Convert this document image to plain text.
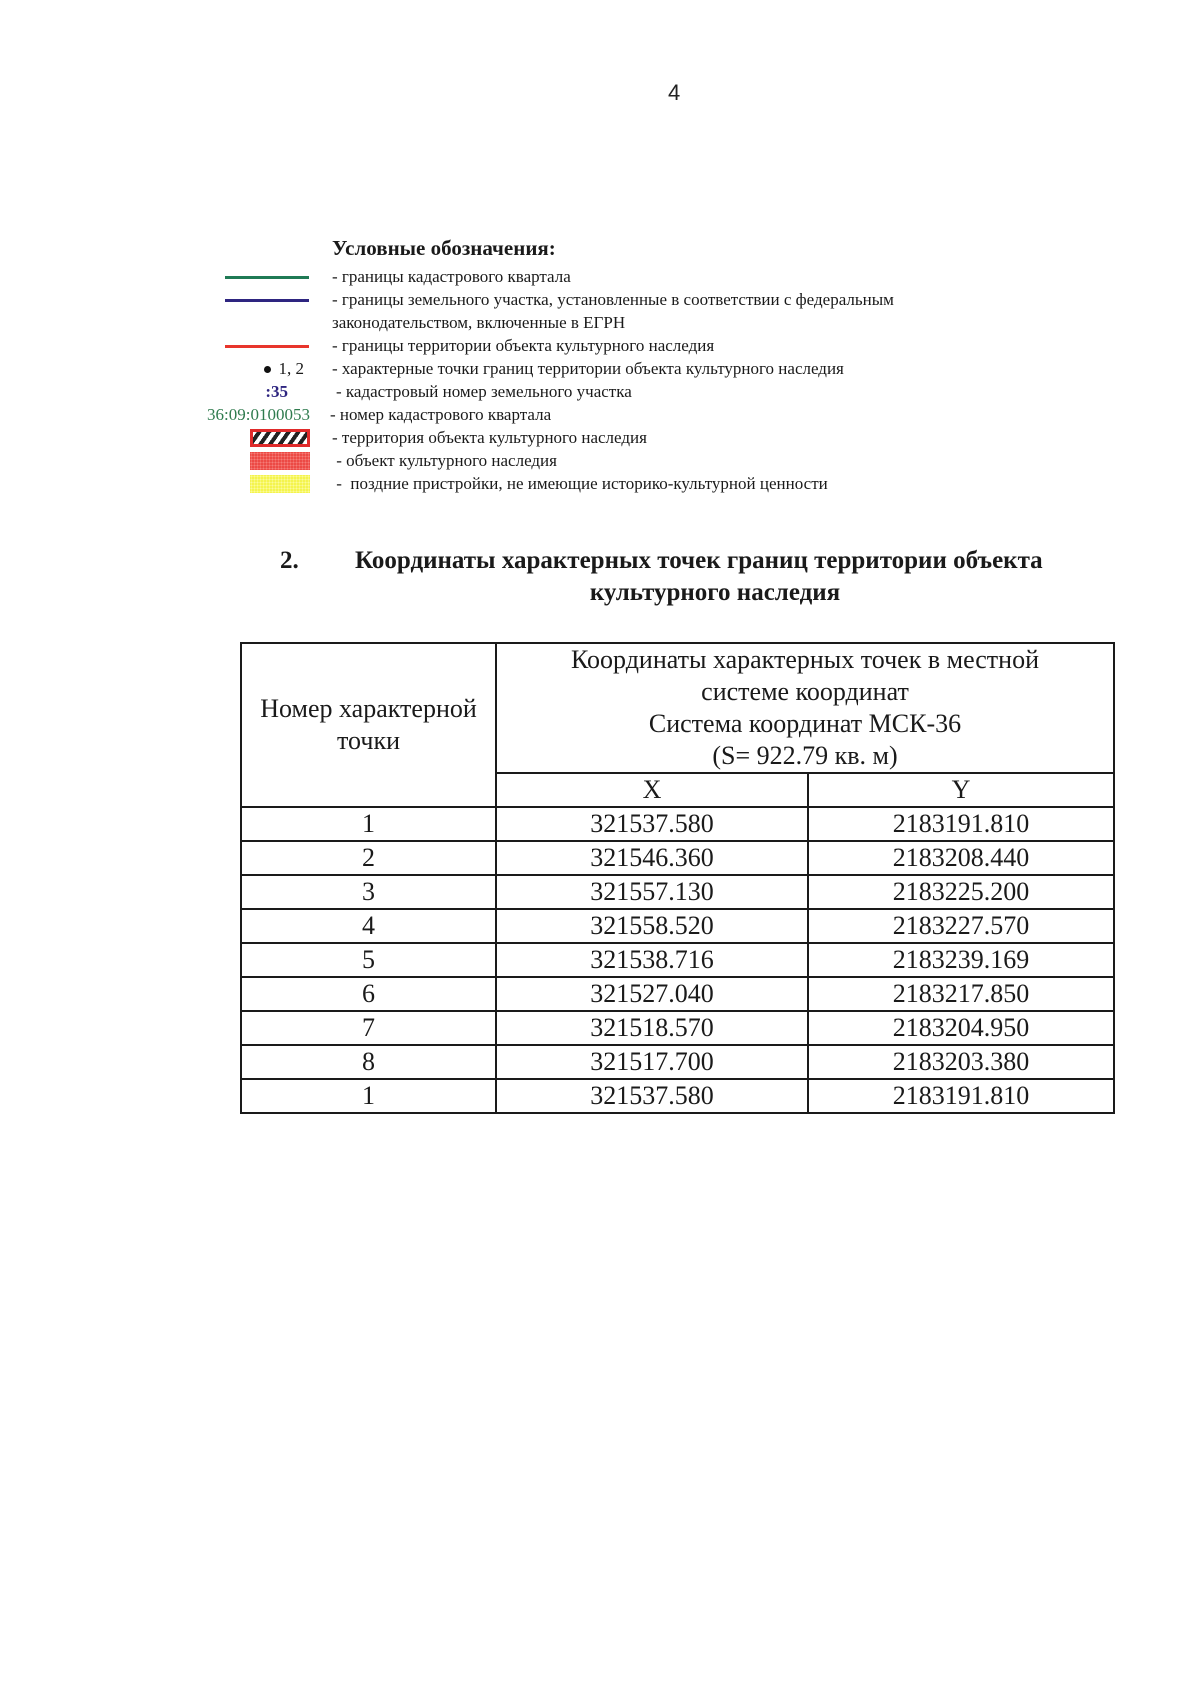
4
Условные обозначения:
- границы кадастрового квартала
- границы земельного участка, установленные в соответствии с федеральным
законодательством, включенные в ЕГРН
- границы территории объекта культурного наследия
1, 2 - характерные точки границ территории объекта культурного наследия
:35	- кадастровый номер земельного участка
36:09:0100053 - номер кадастрового квартала
- территория объекта культурного наследия
- объект культурного наследия
-  поздние пристройки, не имеющие историко-культурной ценности
2. Координаты характерных точек границ территории объекта
культурного наследия
Номер характерной точки	Координаты характерных точек в местной
системе координат
Система координат МСК-36
(S= 922.79 кв. м)	

	X	Y
1	321537.580	2183191.810
2	321546.360	2183208.440
3	321557.130	2183225.200
4	321558.520	2183227.570
5	321538.716	2183239.169
6	321527.040	2183217.850
7	321518.570	2183204.950
8	321517.700	2183203.380
1	321537.580	2183191.810
